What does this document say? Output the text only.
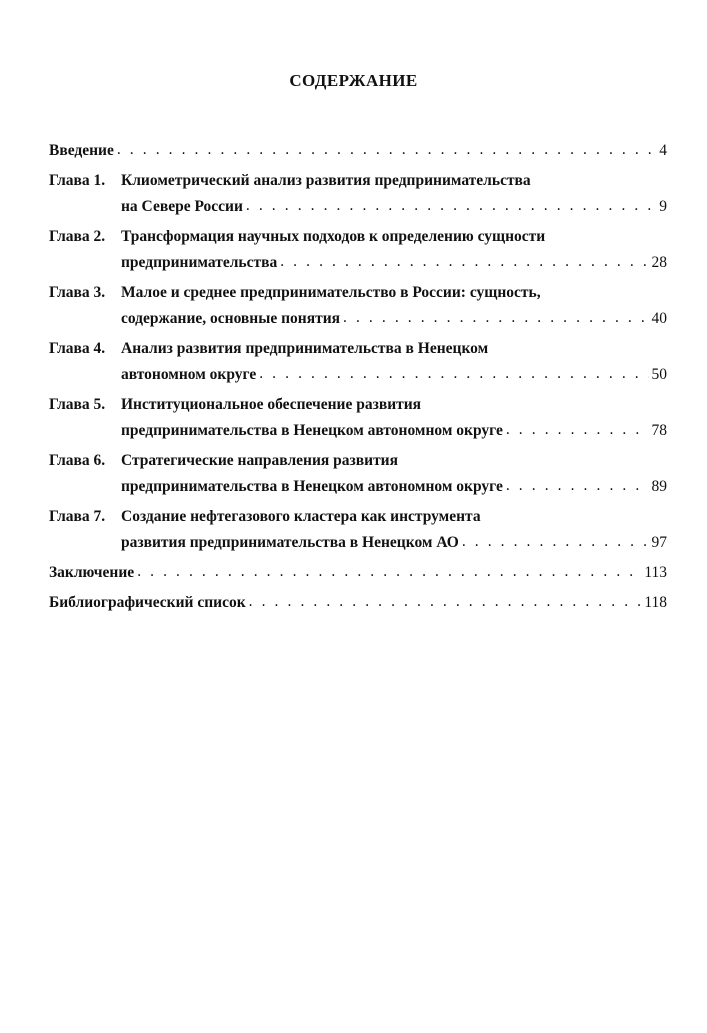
СОДЕРЖАНИЕ
Введение . . .	4
Глава 1.	Клиометрический анализ развития предпринимательства
на Севере России . . .	9
Глава 2.	Трансформация научных подходов к определению сущности
предпринимательства . . .	28
Глава 3.	Малое и среднее предпринимательство в России: сущность,
содержание, основные понятия . . .	40
Глава 4.	Анализ развития предпринимательства в Ненецком
автономном округе . . .	50
Глава 5.	Институциональное обеспечение развития
предпринимательства в Ненецком автономном округе . . .	78
Глава 6.	Стратегические направления развития
предпринимательства в Ненецком автономном округе . . .	89
Глава 7.	Создание нефтегазового кластера как инструмента
развития предпринимательства в Ненецком АО . . .	97
Заключение . . .	113
Библиографический список . . .	118
